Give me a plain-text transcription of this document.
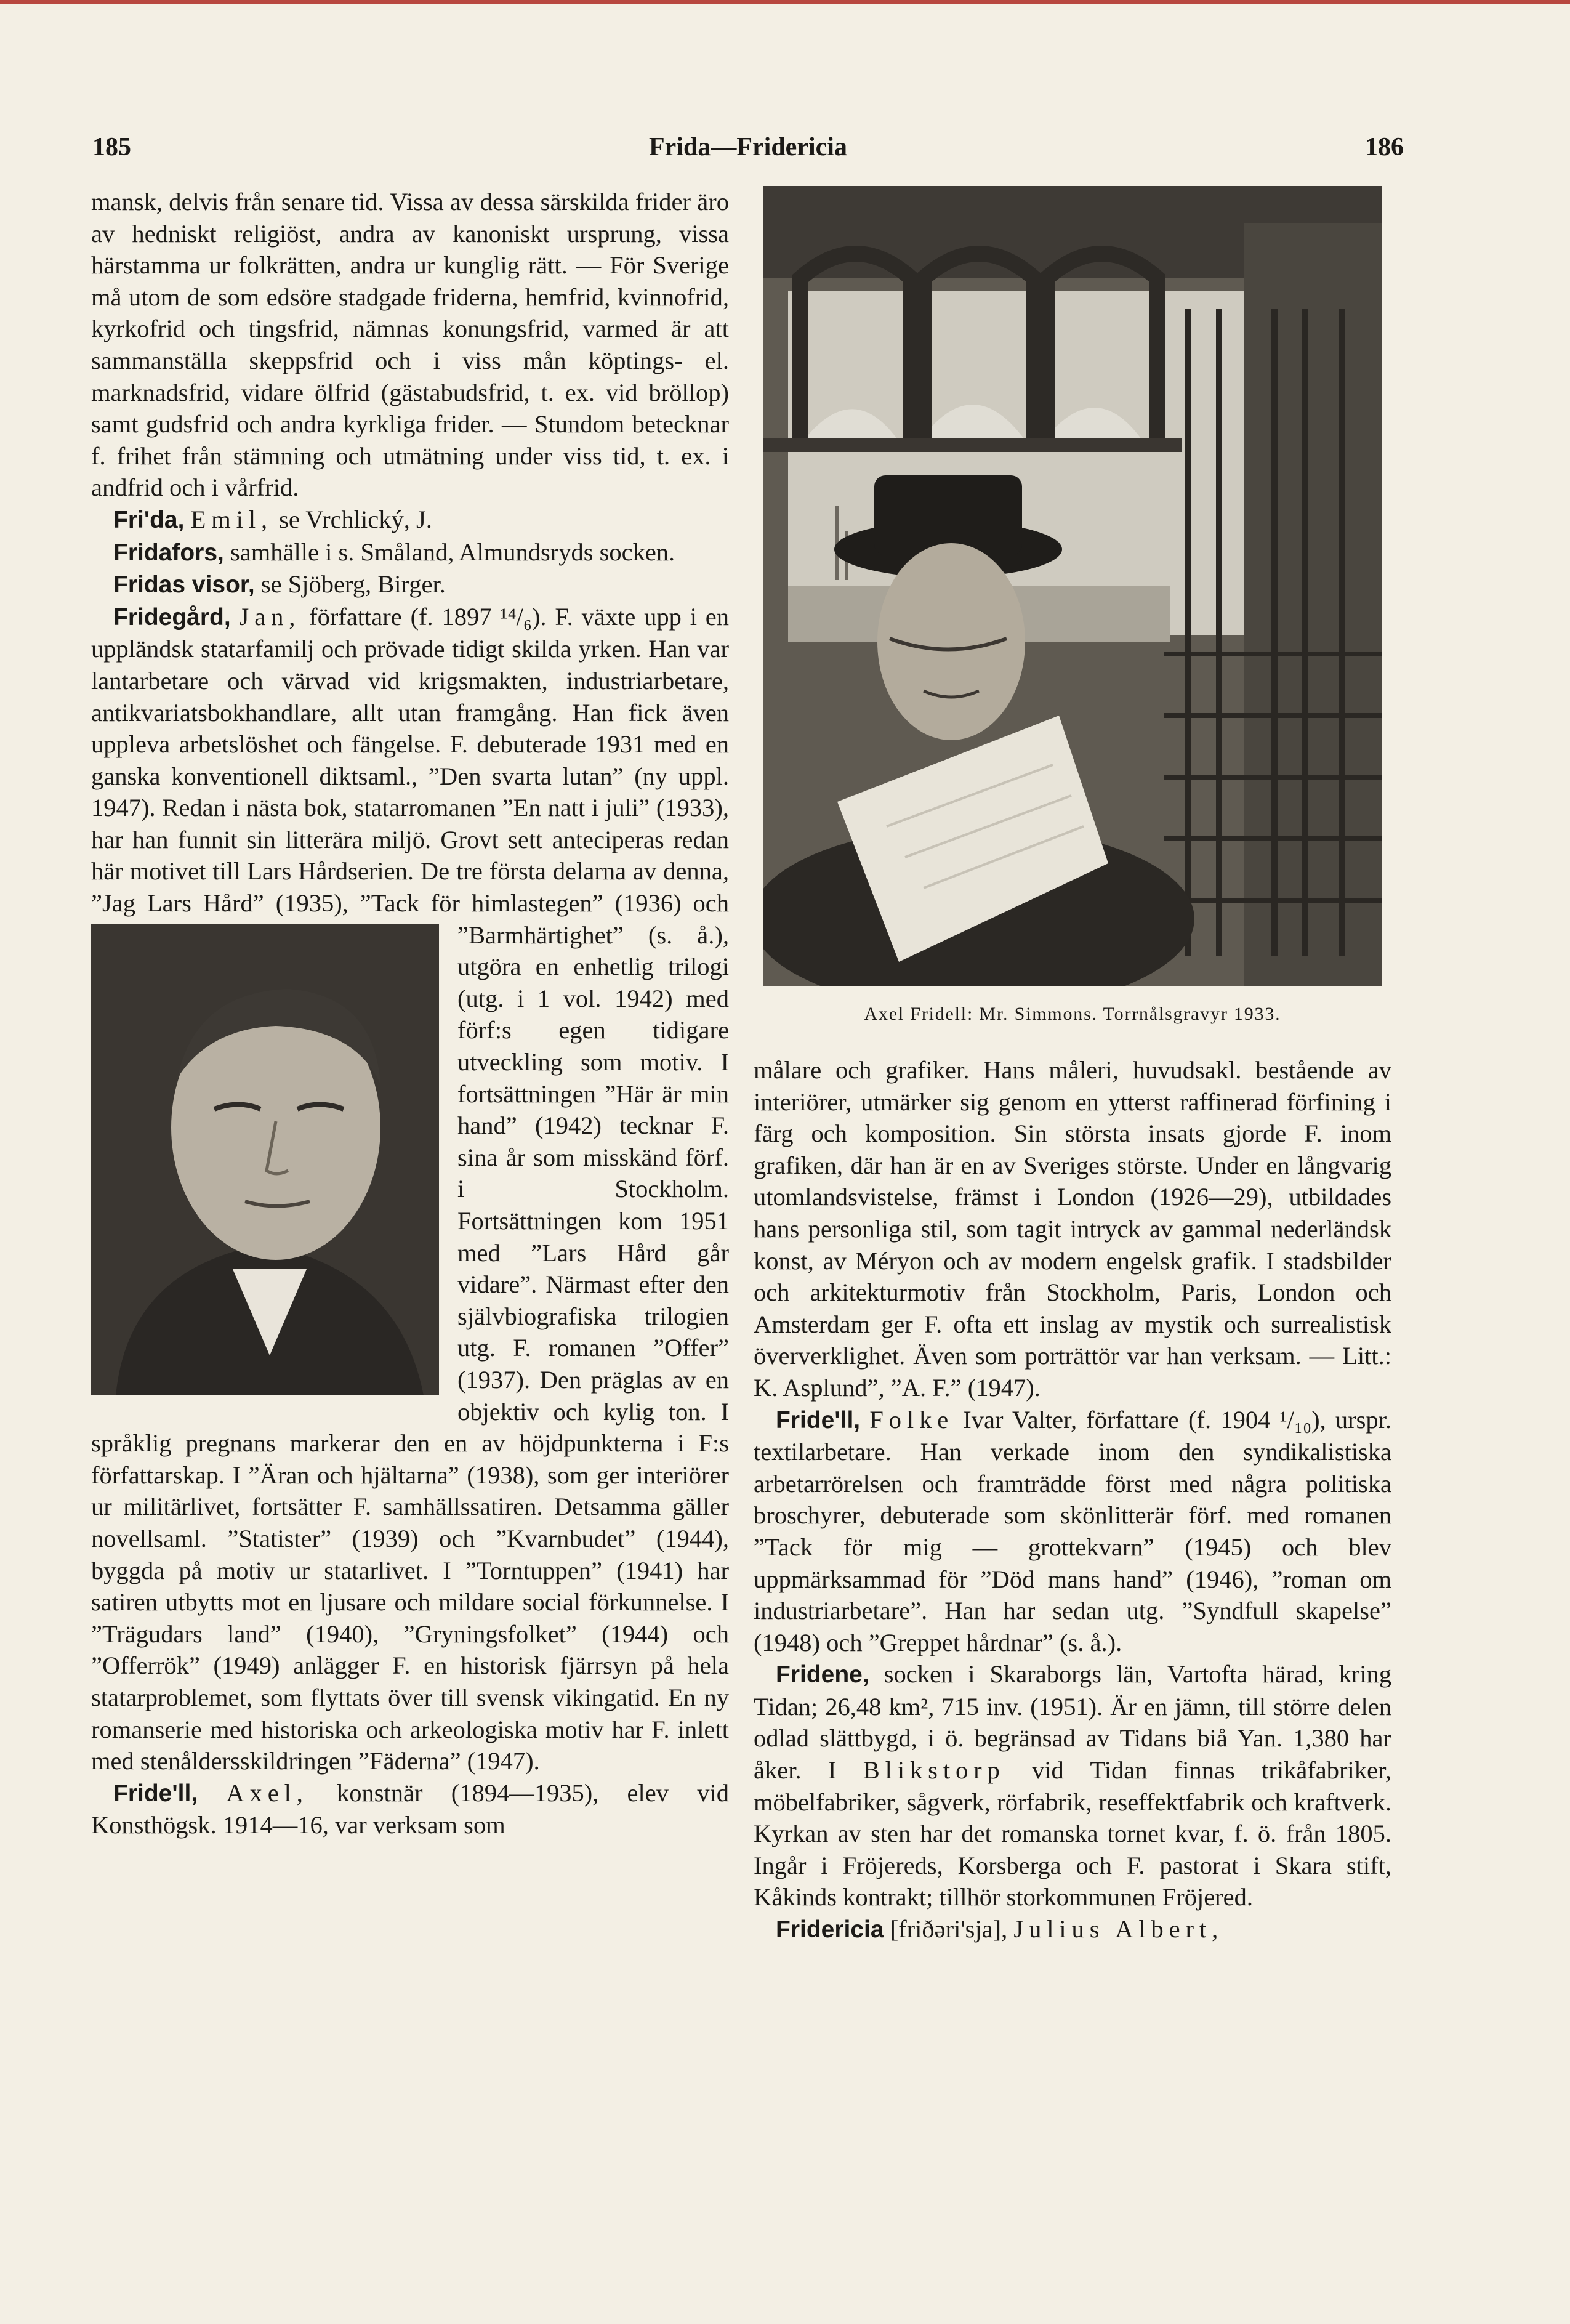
185	Frida—Fridericia	186

mansk, delvis från senare tid. Vissa av dessa särskilda frider äro av hedniskt religiöst, andra av kanoniskt ursprung, vissa härstamma ur folkrätten, andra ur kunglig rätt. — För Sverige må utom de som edsöre stadgade friderna, hemfrid, kvinnofrid, kyrkofrid och tingsfrid, nämnas konungsfrid, varmed är att sammanställa skeppsfrid och i viss mån köptings- el. marknadsfrid, vidare ölfrid (gästabudsfrid, t. ex. vid bröllop) samt gudsfrid och andra kyrkliga frider. — Stundom betecknar f. frihet från stämning och utmätning under viss tid, t. ex. i andfrid och i vårfrid.

Fri'da, Emil, se Vrchlický, J.

Fridafors, samhälle i s. Småland, Almundsryds socken.

Fridas visor, se Sjöberg, Birger.

Fridegård, Jan, författare (f. 1897 ¹⁴/₆). F. växte upp i en uppländsk statarfamilj och prövade tidigt skilda yrken. Han var lantarbetare och värvad vid krigsmakten, industriarbetare, antikvariatsbokhandlare, allt utan framgång. Han fick även uppleva arbetslöshet och fängelse. F. debuterade 1931 med en ganska konventionell diktsaml., ”Den svarta lutan” (ny uppl. 1947). Redan i nästa bok, statarromanen ”En natt i juli” (1933), har han funnit sin litterära miljö. Grovt sett anteciperas redan här motivet till Lars Hårdserien. De tre första delarna av denna, ”Jag Lars Hård” (1935), ”Tack för himlastegen” (1936) och ”
Barmhärtighet” (s. å.), utgöra en enhetlig trilogi (utg. i 1 vol. 1942) med förf:s egen tidigare utveckling som motiv. I fortsättningen ”Här är min hand” (1942) tecknar F. sina år som misskänd förf. i Stockholm. Fortsättningen kom 1951 med ”Lars Hård går vidare”. Närmast efter den självbiografiska trilogien utg. F. romanen ”Offer” (1937). Den präglas av en objektiv och kylig ton. I språklig pregnans markerar den en av höjdpunkterna i F:s författarskap. I ”Äran och hjältarna” (1938), som ger interiörer ur militärlivet, fortsätter F. samhällssatiren. Detsamma gäller novellsaml. ”Statister” (1939) och ”Kvarnbudet” (1944), byggda på motiv ur statarlivet. I ”Torntuppen” (1941) har satiren utbytts mot en ljusare och mildare social förkunnelse. I ”Trägudars land” (1940), ”Gryningsfolket” (1944) och ”Offerrök” (1949) anlägger F. en historisk fjärrsyn på hela statarproblemet, som flyttats över till svensk vikingatid. En ny romanserie med historiska och arkeologiska motiv har F. inlett med stenåldersskildringen ”Fäderna” (1947).

Fride'll, Axel, konstnär (1894—1935), elev vid Konsthögsk. 1914—16, var verksam som

Axel Fridell: Mr. Simmons. Torrnålsgravyr 1933.

målare och grafiker. Hans måleri, huvudsakl. bestående av interiörer, utmärker sig genom en ytterst raffinerad förfining i färg och komposition. Sin största insats gjorde F. inom grafiken, där han är en av Sveriges störste. Under en långvarig utomlandsvistelse, främst i London (1926—29), utbildades hans personliga stil, som tagit intryck av gammal nederländsk konst, av Méryon och av modern engelsk grafik. I stadsbilder och arkitekturmotiv från Stockholm, Paris, London och Amsterdam ger F. ofta ett inslag av mystik och surrealistisk öververklighet. Även som porträttör var han verksam. — Litt.: K. Asplund”, ”A. F.” (1947).

Fride'll, Folke Ivar Valter, författare (f. 1904 ¹/₁₀), urspr. textilarbetare. Han verkade inom den syndikalistiska arbetarrörelsen och framträdde först med några politiska broschyrer, debuterade som skönlitterär förf. med romanen ”Tack för mig — grottekvarn” (1945) och blev uppmärksammad för ”Död mans hand” (1946), ”roman om industriarbetare”. Han har sedan utg. ”Syndfull skapelse” (1948) och ”Greppet hårdnar” (s. å.).

Fridene, socken i Skaraborgs län, Vartofta härad, kring Tidan; 26,48 km², 715 inv. (1951). Är en jämn, till större delen odlad slättbygd, i ö. begränsad av Tidans biå Yan. 1,380 har åker. I Blikstorp vid Tidan finnas trikåfabriker, möbelfabriker, sågverk, rörfabrik, reseffektfabrik och kraftverk. Kyrkan av sten har det romanska tornet kvar, f. ö. från 1805. Ingår i Fröjereds, Korsberga och F. pastorat i Skara stift, Kåkinds kontrakt; tillhör storkommunen Fröjered.

Fridericia [friðəri'sja], Julius Albert,
